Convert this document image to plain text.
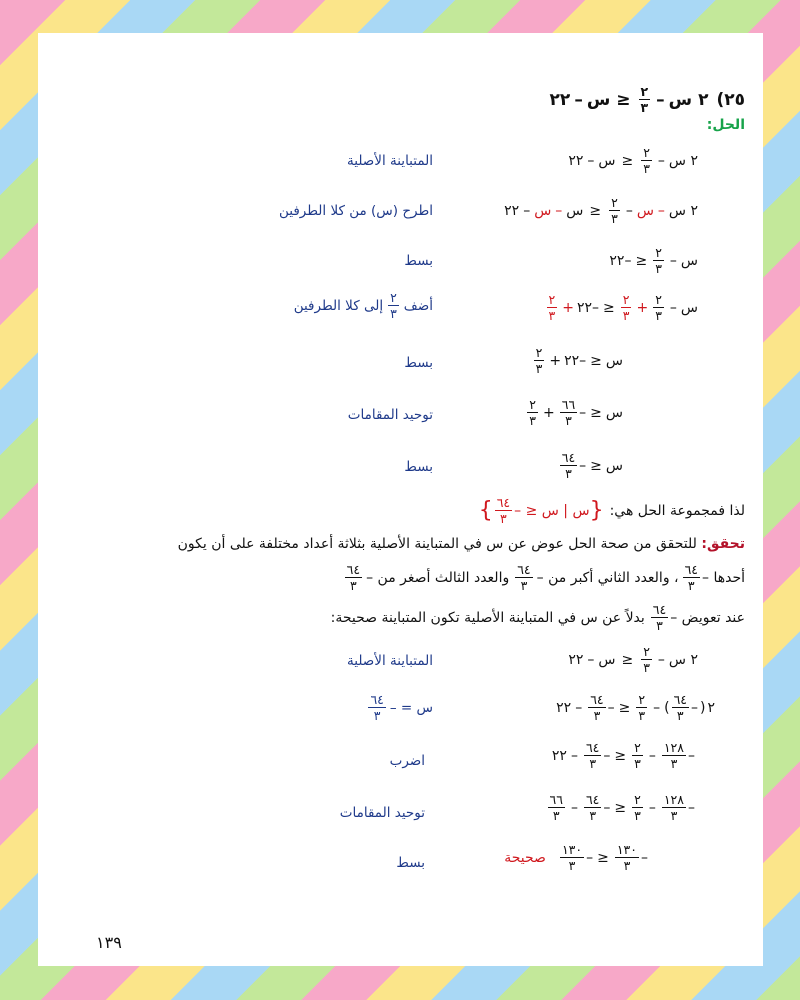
٢٥
)
٢ س
–
$\frac{٢}{٣}$
≤
س
–
٢٢
الحل:
٢ س
–
$\frac{٢}{٣}$
≤
س
–
٢٢
المتباينة الأصلية
٢ س
–
س
–
$\frac{٢}{٣}$
≤
س
–
س
–
٢٢
اطرح (س) من كلا الطرفين
س
–
$\frac{٢}{٣}$
≤
–٢٢
بسط
س
–
$\frac{٢}{٣}$
+
$\frac{٢}{٣}$
≤
–٢٢
+
$\frac{٢}{٣}$
أضف
$\frac{٢}{٣}$
إلى كلا الطرفين
س
≤
–٢٢
+
$\frac{٢}{٣}$
بسط
س
≤
–
$\frac{٦٦}{٣}$
+
$\frac{٢}{٣}$
توحيد المقامات
س
≤
–
$\frac{٦٤}{٣}$
بسط
لذا فمجموعة الحل هي:
{
س | س ≤ –
$\frac{٦٤}{٣}$
}
تحقق: للتحقق من صحة الحل عوض عن س في المتباينة الأصلية بثلاثة أعداد مختلفة على أن يكون
أحدها –
$\frac{٦٤}{٣}$
، والعدد الثاني أكبر من –
$\frac{٦٤}{٣}$
والعدد الثالث أصغر من –
$\frac{٦٤}{٣}$
عند تعويض –
$\frac{٦٤}{٣}$
بدلاً عن س في المتباينة الأصلية تكون المتباينة صحيحة:
٢ س
–
$\frac{٢}{٣}$
≤
س
–
٢٢
المتباينة الأصلية
٢
(
–
$\frac{٦٤}{٣}$
)
–
$\frac{٢}{٣}$
≤
–
$\frac{٦٤}{٣}$
–
٢٢
س = –
$\frac{٦٤}{٣}$
–
$\frac{١٢٨}{٣}$
–
$\frac{٢}{٣}$
≤
–
$\frac{٦٤}{٣}$
–
٢٢
اضرب
–
$\frac{١٢٨}{٣}$
–
$\frac{٢}{٣}$
≤
–
$\frac{٦٤}{٣}$
–
$\frac{٦٦}{٣}$
توحيد المقامات
–
$\frac{١٣٠}{٣}$
≤
–
$\frac{١٣٠}{٣}$
صحيحة
بسط
١٣٩
